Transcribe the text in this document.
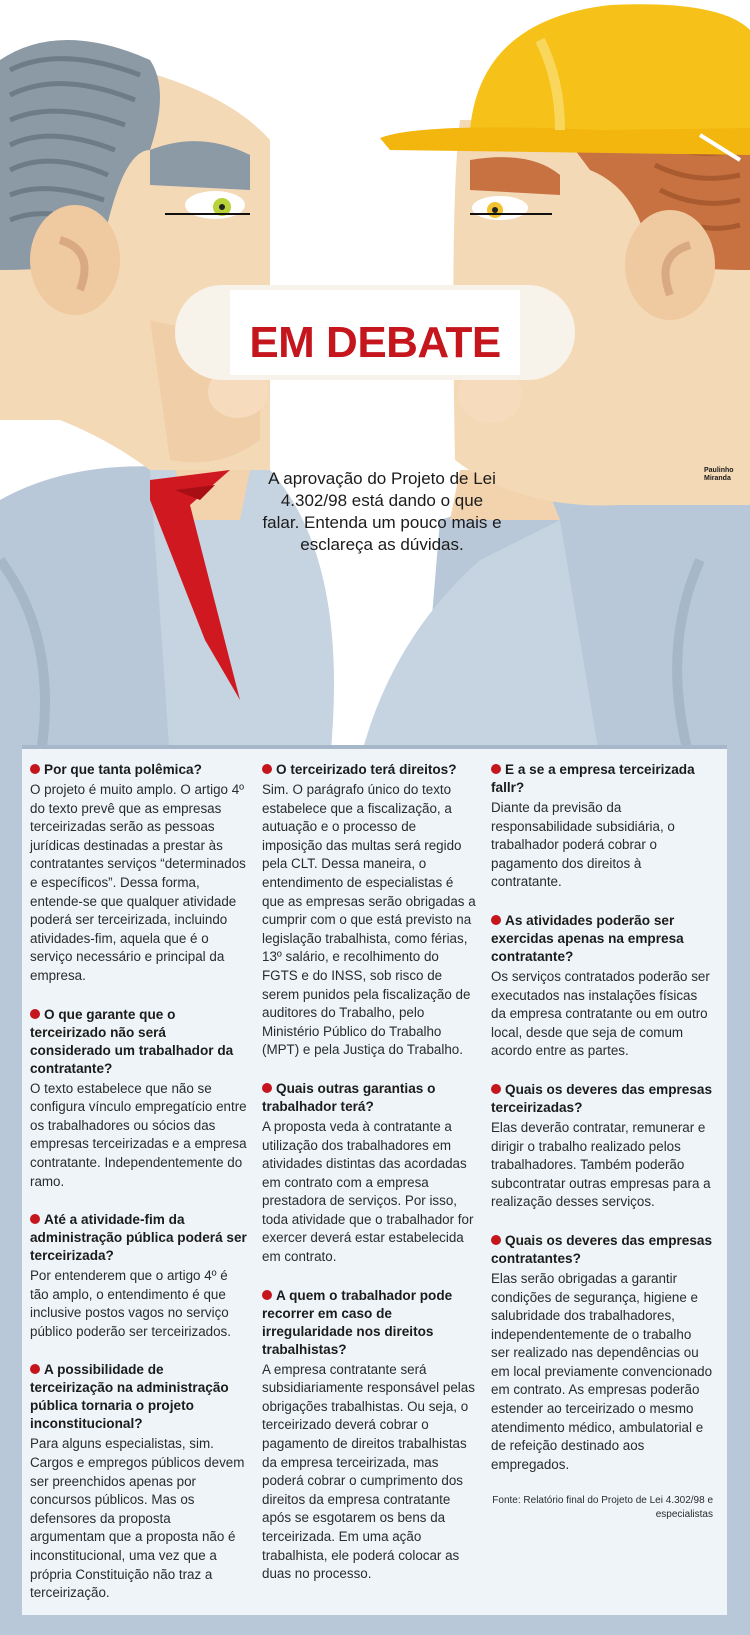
EM DEBATE
A aprovação do Projeto de Lei 4.302/98 está dando o que falar. Entenda um pouco mais e esclareça as dúvidas.
Paulinho Miranda

Por que tanta polêmica?

O projeto é muito amplo. O artigo 4º do texto prevê que as empresas terceirizadas serão as pessoas jurídicas destinadas a prestar às contratantes serviços “determinados e específicos”. Dessa forma, entende-se que qualquer atividade poderá ser terceirizada, incluindo atividades-fim, aquela que é o serviço necessário e principal da empresa.

O que garante que o terceirizado não será considerado um trabalhador da contratante?

O texto estabelece que não se configura vínculo empregatício entre os trabalhadores ou sócios das empresas terceirizadas e a empresa contratante. Independentemente do ramo.

Até a atividade-fim da administração pública poderá ser terceirizada?

Por entenderem que o artigo 4º é tão amplo, o entendimento é que inclusive postos vagos no serviço público poderão ser terceirizados.

A possibilidade de terceirização na administração pública tornaria o projeto inconstitucional?

Para alguns especialistas, sim. Cargos e empregos públicos devem ser preenchidos apenas por concursos públicos. Mas os defensores da proposta argumentam que a proposta não é inconstitucional, uma vez que a própria Constituição não traz a terceirização.

O terceirizado terá direitos?

Sim. O parágrafo único do texto estabelece que a fiscalização, a autuação e o processo de imposição das multas será regido pela CLT. Dessa maneira, o entendimento de especialistas é que as empresas serão obrigadas a cumprir com o que está previsto na legislação trabalhista, como férias, 13º salário, e recolhimento do FGTS e do INSS, sob risco de serem punidos pela fiscalização de auditores do Trabalho, pelo Ministério Público do Trabalho (MPT) e pela Justiça do Trabalho.

Quais outras garantias o trabalhador terá?

A proposta veda à contratante a utilização dos trabalhadores em atividades distintas das acordadas em contrato com a empresa prestadora de serviços. Por isso, toda atividade que o trabalhador for exercer deverá estar estabelecida em contrato.

A quem o trabalhador pode recorrer em caso de irregularidade nos direitos trabalhistas?

A empresa contratante será subsidiariamente responsável pelas obrigações trabalhistas. Ou seja, o terceirizado deverá cobrar o pagamento de direitos trabalhistas da empresa terceirizada, mas poderá cobrar o cumprimento dos direitos da empresa contratante após se esgotarem os bens da terceirizada. Em uma ação trabalhista, ele poderá colocar as duas no processo.

E a se a empresa terceirizada fallr?

Diante da previsão da responsabilidade subsidiária, o trabalhador poderá cobrar o pagamento dos direitos à contratante.

As atividades poderão ser exercidas apenas na empresa contratante?

Os serviços contratados poderão ser executados nas instalações físicas da empresa contratante ou em outro local, desde que seja de comum acordo entre as partes.

Quais os deveres das empresas terceirizadas?

Elas deverão contratar, remunerar e dirigir o trabalho realizado pelos trabalhadores. Também poderão subcontratar outras empresas para a realização desses serviços.

Quais os deveres das empresas contratantes?

Elas serão obrigadas a garantir condições de segurança, higiene e salubridade dos trabalhadores, independentemente de o trabalho ser realizado nas dependências ou em local previamente convencionado em contrato. As empresas poderão estender ao terceirizado o mesmo atendimento médico, ambulatorial e de refeição destinado aos empregados.

Fonte: Relatório final do Projeto de Lei 4.302/98 e especialistas
